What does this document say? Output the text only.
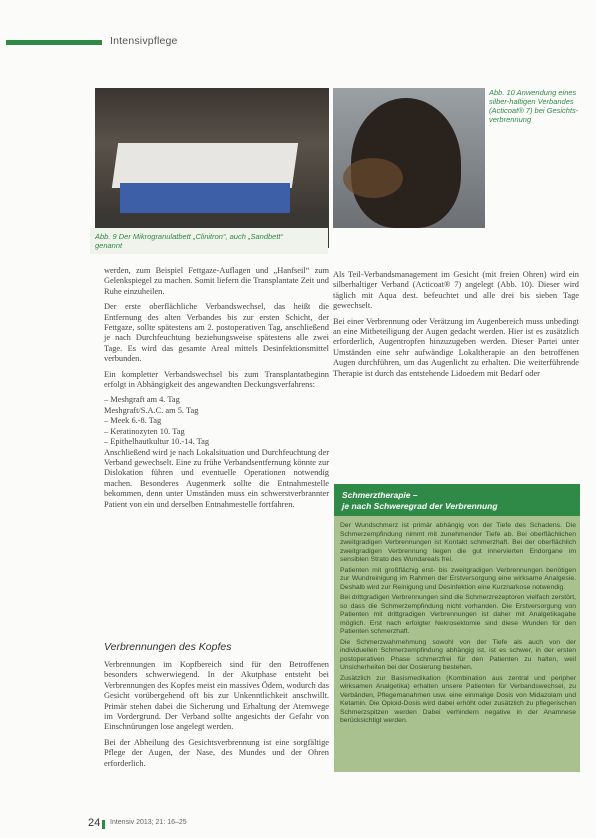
Intensivpflege
Abb. 10 Anwendung eines silber-haltigen Verbandes (Acticoat® 7) bei Gesichts-verbrennung
Abb. 9 Der Mikrogranulatbett „Clinitron“, auch „Sandbett“ genannt

werden, zum Beispiel Fettgaze-Auflagen und „Hanfseil“ zum Gelenkspiegel zu machen. Somit liefern die Transplantate Zeit und Ruhe einzuheilen.

Der erste oberflächliche Verbandswechsel, das heißt die Entfernung des alten Verbandes bis zur ersten Schicht, der Fettgaze, sollte spätestens am 2. postoperativen Tag, anschließend je nach Durchfeuchtung beziehungsweise spätestens alle zwei Tage. Es wird das gesamte Areal mittels Desinfektionsmittel verbunden.

Ein kompletter Verbandswechsel bis zum Transplantatbeginn erfolgt in Abhängigkeit des angewandten Deckungsverfahrens:

– Meshgraft am 4. Tag
Meshgraft/S.A.C. am 5. Tag
– Meek 6.-8. Tag
– Keratinozyten 10. Tag
– Epithelhautkultur 10.-14. Tag

Anschließend wird je nach Lokalsituation und Durchfeuchtung der Verband gewechselt. Eine zu frühe Verbandsentfernung könnte zur Dislokation führen und eventuelle Operationen notwendig machen. Besonderes Augenmerk sollte die Entnahmestelle bekommen, denn unter Umständen muss ein schwerstverbrannter Patient von ein und derselben Entnahmestelle fortfahren.

Verbrennungen des Kopfes

Verbrennungen im Kopfbereich sind für den Betroffenen besonders schwerwiegend. In der Akutphase entsteht bei Verbrennungen des Kopfes meist ein massives Ödem, wodurch das Gesicht vorübergehend oft bis zur Unkenntlichkeit anschwillt. Primär stehen dabei die Sicherung und Erhaltung der Atemwege im Vordergrund. Der Verband sollte angesichts der Gefahr von Einschnürungen lose angelegt werden.

Bei der Abheilung des Gesichtsverbrennung ist eine sorgfältige Pflege der Augen, der Nase, des Mundes und der Ohren erforderlich.

Als Teil-Verbandsmanagement im Gesicht (mit freien Ohren) wird ein silberhaltiger Verband (Acticoat® 7) angelegt (Abb. 10). Dieser wird täglich mit Aqua dest. befeuchtet und alle drei bis sieben Tage gewechselt.

Bei einer Verbrennung oder Verätzung im Augenbereich muss unbedingt an eine Mitbeteiligung der Augen gedacht werden. Hier ist es zusätzlich erforderlich, Augentropfen hinzuzugeben werden. Dieser Partei unter Umständen eine sehr aufwändige Lokaltherapie an den betroffenen Augen durchführen, um das Augenlicht zu erhalten. Die weiterführende Therapie ist durch das entstehende Lidoedem mit Bedarf oder

Schmerztherapie –
je nach Schweregrad der Verbrennung

Der Wundschmerz ist primär abhängig von der Tiefe des Schadens. Die Schmerzempfindung nimmt mit zunehmender Tiefe ab. Bei oberflächlichen zweitgradigen Verbrennungen ist Kontakt schmerzhaft. Bei der oberflächlich zweitgradigen Verbrennung liegen die gut innervierten Endorgane im sensiblen Strato des Wundareals frei.

Patienten mit großflächig erst- bis zweitgradigen Verbrennungen benötigen zur Wundreinigung im Rahmen der Erstversorgung eine wirksame Analgesie. Deshalb wird zur Reinigung und Desinfektion eine Kurznarkose notwendig.

Bei drittgradigen Verbrennungen sind die Schmerzrezeptoren vielfach zerstört, so dass die Schmerzempfindung nicht vorhanden. Die Erstversorgung von Patienten mit drittgradigen Verbrennungen ist daher mit Analgetikagabe möglich. Erst nach erfolgter Nekrosektomie sind diese Wunden für den Patienten schmerzhaft.

Die Schmerzwahrnehmung sowohl von der Tiefe als auch von der individuellen Schmerzempfindung abhängig ist, ist es schwer, in der ersten postoperativen Phase schmerzfrei für den Patienten zu halten, weil Unsicherheiten bei der Dosierung bestehen.

Zusätzlich zur Basismedikation (Kombination aus zentral und peripher wirksamen Analgetika) erhalten unsere Patienten für Verbandswechsel, zu Verbänden, Pflegemanahmen usw. eine einmalige Dosis von Midazolam und Ketamin. Die Opioid-Dosis wird dabei erhöht oder zusätzlich zu pflegerischen Schmerzspitzen werden Dabei verhindern negative in der Anamnese berücksichtigt werden.

24 Intensiv 2013; 21: 16–25
